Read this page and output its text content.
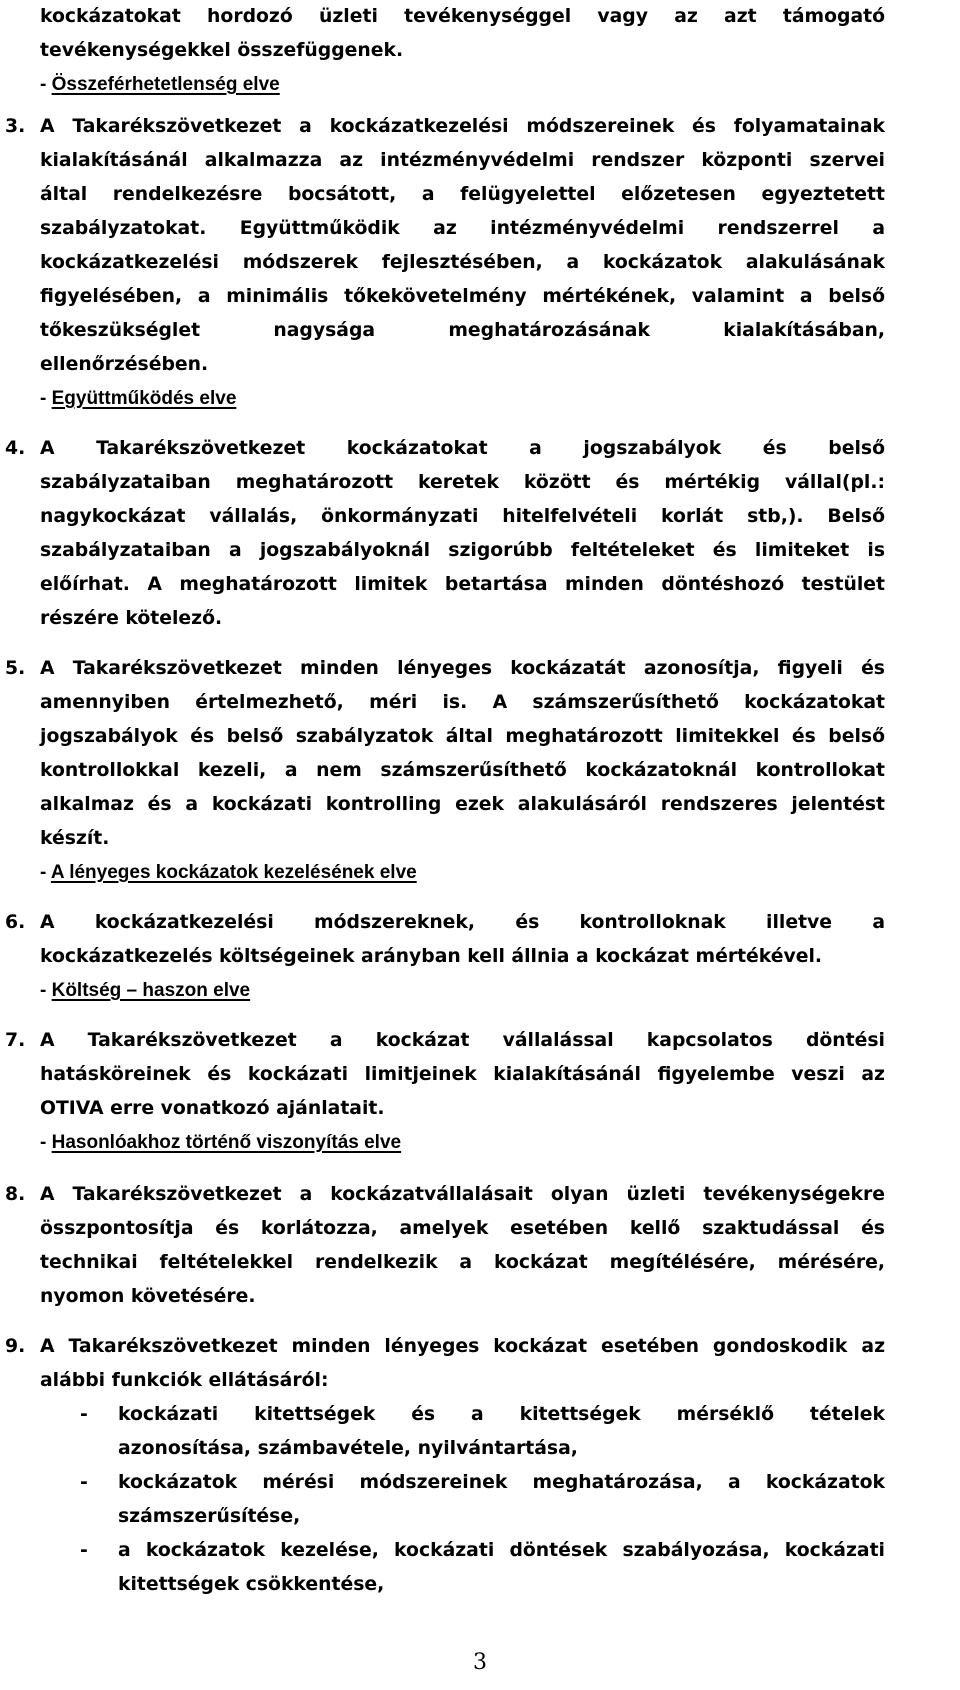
kockázatokat hordozó üzleti tevékenységgel vagy az azt támogató
tevékenységekkel összefüggenek.
- Összeférhetetlenség elve
3. A Takarékszövetkezet a kockázatkezelési módszereinek és folyamatainak
kialakításánál alkalmazza az intézményvédelmi rendszer központi szervei
által rendelkezésre bocsátott, a felügyelettel előzetesen egyeztetett
szabályzatokat. Együttműködik az intézményvédelmi rendszerrel a
kockázatkezelési módszerek fejlesztésében, a kockázatok alakulásának
figyelésében, a minimális tőkekövetelmény mértékének, valamint a belső
tőkeszükséglet nagysága meghatározásának kialakításában,
ellenőrzésében.
- Együttműködés elve
4. A Takarékszövetkezet kockázatokat a jogszabályok és belső
szabályzataiban meghatározott keretek között és mértékig vállal(pl.:
nagykockázat vállalás, önkormányzati hitelfelvételi korlát stb,). Belső
szabályzataiban a jogszabályoknál szigorúbb feltételeket és limiteket is
előírhat. A meghatározott limitek betartása minden döntéshozó testület
részére kötelező.
5. A Takarékszövetkezet minden lényeges kockázatát azonosítja, figyeli és
amennyiben értelmezhető, méri is. A számszerűsíthető kockázatokat
jogszabályok és belső szabályzatok által meghatározott limitekkel és belső
kontrollokkal kezeli, a nem számszerűsíthető kockázatoknál kontrollokat
alkalmaz és a kockázati kontrolling ezek alakulásáról rendszeres jelentést
készít.
- A lényeges kockázatok kezelésének elve
6. A kockázatkezelési módszereknek, és kontrolloknak illetve a
kockázatkezelés költségeinek arányban kell állnia a kockázat mértékével.
- Költség – haszon elve
7. A Takarékszövetkezet a kockázat vállalással kapcsolatos döntési
hatásköreinek és kockázati limitjeinek kialakításánál figyelembe veszi az
OTIVA erre vonatkozó ajánlatait.
- Hasonlóakhoz történő viszonyítás elve
8. A Takarékszövetkezet a kockázatvállalásait olyan üzleti tevékenységekre
összpontosítja és korlátozza, amelyek esetében kellő szaktudással és
technikai feltételekkel rendelkezik a kockázat megítélésére, mérésére,
nyomon követésére.
9. A Takarékszövetkezet minden lényeges kockázat esetében gondoskodik az
alábbi funkciók ellátásáról:
-	kockázati kitettségek és a kitettségek mérséklő tételek
azonosítása, számbavétele, nyilvántartása,
-	kockázatok mérési módszereinek meghatározása, a kockázatok
számszerűsítése,
-	a kockázatok kezelése, kockázati döntések szabályozása, kockázati
kitettségek csökkentése,
3
